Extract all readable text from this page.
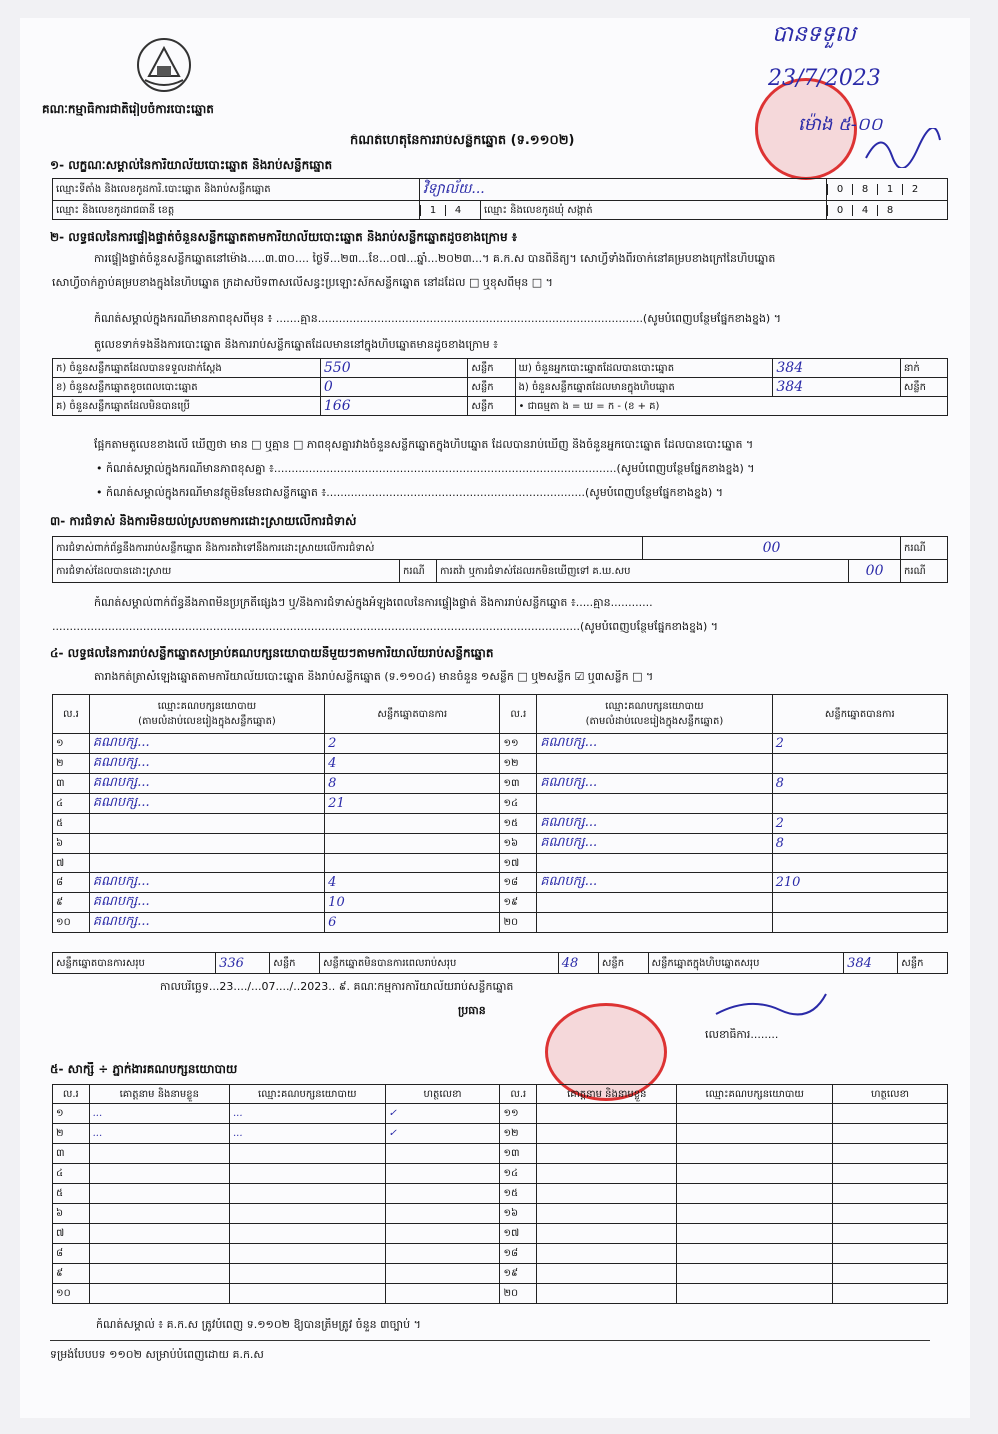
គណៈកម្មាធិការជាតិរៀបចំការបោះឆ្នោត
បានទទួល
23/7/2023
ម៉ោង ៥-០០
កំណត់ហេតុនៃការរាប់សន្លឹកឆ្នោត (ទ.១១០២)
១- លក្ខណៈសម្គាល់នៃការិយាល័យបោះឆ្នោត និងរាប់សន្លឹកឆ្នោត
ឈ្មោះទីតាំង និងលេខកូដការិ.បោះឆ្នោត និងរាប់សន្លឹកឆ្នោត	វិទ្យាល័យ...		0 8 1 2
ឈ្មោះ និងលេខកូដរាជធានី ខេត្ត	1 4	ឈ្មោះ និងលេខកូដឃុំ សង្កាត់	0 4 8
២- លទ្ធផលនៃការផ្ទៀងផ្ទាត់ចំនួនសន្លឹកឆ្នោតតាមការិយាល័យបោះឆ្នោត និងរាប់សន្លឹកឆ្នោតដូចខាងក្រោម ៖
ការផ្ទៀងផ្ទាត់ចំនួនសន្លឹកឆ្នោតនៅម៉ោង.....៣.៣០.... ថ្ងៃទី...២៣...ខែ...០៧...ឆ្នាំ...២០២៣...។ គ.ក.ស បានពិនិត្យ។ សោហ្វិ៍ទាំងពីរចាក់នៅគម្របខាងក្រៅនៃហិបឆ្នោត
សោហ្វិ៍ចាក់ភ្ជាប់គម្របខាងក្នុងនៃហិបឆ្នោត ក្រដាសបិទពាសលើសន្ធះប្រឡោះស័កសន្លឹកឆ្នោត នៅដដែល □ ឬខុសពីមុន □ ។
កំណត់សម្គាល់ក្នុងករណីមានភាពខុសពីមុន ៖ .......គ្មាន.............................................................................................(សូមបំពេញបន្ថែមផ្នែកខាងខ្នង) ។
តួលេខទាក់ទងនឹងការបោះឆ្នោត និងការរាប់សន្លឹកឆ្នោតដែលមាននៅក្នុងហិបឆ្នោតមានដូចខាងក្រោម ៖
ក) ចំនួនសន្លឹកឆ្នោតដែលបានទទួលដាក់ស្ដែង	550	សន្លឹក	ឃ) ចំនួនអ្នកបោះឆ្នោតដែលបានបោះឆ្នោត	384	នាក់
ខ) ចំនួនសន្លឹកឆ្នោតខូចពេលបោះឆ្នោត	0	សន្លឹក	ង) ចំនួនសន្លឹកឆ្នោតដែលមានក្នុងហិបឆ្នោត	384	សន្លឹក
គ) ចំនួនសន្លឹកឆ្នោតដែលមិនបានប្រើ	166	សន្លឹក	• ជាធម្មតា ង = ឃ = ក - (ខ + គ)		
ផ្អែកតាមតួលេខខាងលើ ឃើញថា មាន □ ឬគ្មាន □ ភាពខុសគ្នារវាងចំនួនសន្លឹកឆ្នោតក្នុងហិបឆ្នោត ដែលបានរាប់ឃើញ និងចំនួនអ្នកបោះឆ្នោត ដែលបានបោះឆ្នោត ។
• កំណត់សម្គាល់ក្នុងករណីមានភាពខុសគ្នា ៖..................................................................................................(សូមបំពេញបន្ថែមផ្នែកខាងខ្នង) ។
• កំណត់សម្គាល់ក្នុងករណីមានវត្ថុមិនមែនជាសន្លឹកឆ្នោត ៖..........................................................................(សូមបំពេញបន្ថែមផ្នែកខាងខ្នង) ។
៣- ការជំទាស់ និងការមិនយល់ស្របតាមការដោះស្រាយលើការជំទាស់
ការជំទាស់ពាក់ព័ន្ធនឹងការរាប់សន្លឹកឆ្នោត និងការតវ៉ាទៅនឹងការដោះស្រាយលើការជំទាស់			00		ករណី
ការជំទាស់ដែលបានដោះស្រាយ	ករណី	ការតវ៉ា ឬការជំទាស់ដែលរកមិនឃើញទៅ គ.ឃ.សប		00	ករណី
កំណត់សម្គាល់ពាក់ព័ន្ធនឹងភាពមិនប្រក្រតីផ្សេងៗ ឬ/និងការជំទាស់ក្នុងអំឡុងពេលនៃការផ្ទៀងផ្ទាត់ និងការរាប់សន្លឹកឆ្នោត ៖.....គ្មាន............
.......................................................................................................................................................(សូមបំពេញបន្ថែមផ្នែកខាងខ្នង) ។
៤- លទ្ធផលនៃការរាប់សន្លឹកឆ្នោតសម្រាប់គណបក្សនយោបាយនីមួយៗតាមការិយាល័យរាប់សន្លឹកឆ្នោត
តារាងកត់ត្រាសំឡេងឆ្នោតតាមការិយាល័យបោះឆ្នោត និងរាប់សន្លឹកឆ្នោត (ទ.១១០៤) មានចំនួន ១សន្លឹក □ ឬ២សន្លឹក ☑ ឬ៣សន្លឹក □ ។
ល.រ	ឈ្មោះគណបក្សនយោបាយ
(តាមលំដាប់លេខរៀងក្នុងសន្លឹកឆ្នោត)	សន្លឹកឆ្នោតបានការ	ល.រ	ឈ្មោះគណបក្សនយោបាយ
(តាមលំដាប់លេខរៀងក្នុងសន្លឹកឆ្នោត)	សន្លឹកឆ្នោតបានការ
១	គណបក្ស...	2	១១	គណបក្ស...	2
២	គណបក្ស...	4	១២		
៣	គណបក្ស...	8	១៣	គណបក្ស...	8
៤	គណបក្ស...	21	១៤		
៥			១៥	គណបក្ស...	2
៦			១៦	គណបក្ស...	8
៧			១៧		
៨	គណបក្ស...	4	១៨	គណបក្ស...	210
៩	គណបក្ស...	10	១៩		
១០	គណបក្ស...	6	២០		
សន្លឹកឆ្នោតបានការសរុប	336	សន្លឹក	សន្លឹកឆ្នោតមិនបានការពេលរាប់សរុប	48	សន្លឹក	សន្លឹកឆ្នោតក្នុងហិបឆ្នោតសរុប	384	សន្លឹក
កាលបរិច្ឆេទ...23..../...07..../..2023.. ៩. គណៈកម្មការការិយាល័យរាប់សន្លឹកឆ្នោត
ប្រធាន
លេខាធិការ........
៥- សាក្សី ÷ ភ្នាក់ងារគណបក្សនយោបាយ
ល.រ	គោត្តនាម និងនាមខ្លួន	ឈ្មោះគណបក្សនយោបាយ	ហត្ថលេខា	ល.រ	គោត្តនាម និងនាមខ្លួន	ឈ្មោះគណបក្សនយោបាយ	ហត្ថលេខា
១	...	...	✓	១១			
២	...	...	✓	១២			
៣				១៣			
៤				១៤			
៥				១៥			
៦				១៦			
៧				១៧			
៨				១៨			
៩				១៩			
១០				២០			
កំណត់សម្គាល់ ៖ គ.ក.ស ត្រូវបំពេញ ទ.១១០២ ឱ្យបានត្រឹមត្រូវ ចំនួន ៣ច្បាប់ ។
ទម្រង់បែបបទ ១១០២ សម្រាប់បំពេញដោយ គ.ក.ស
